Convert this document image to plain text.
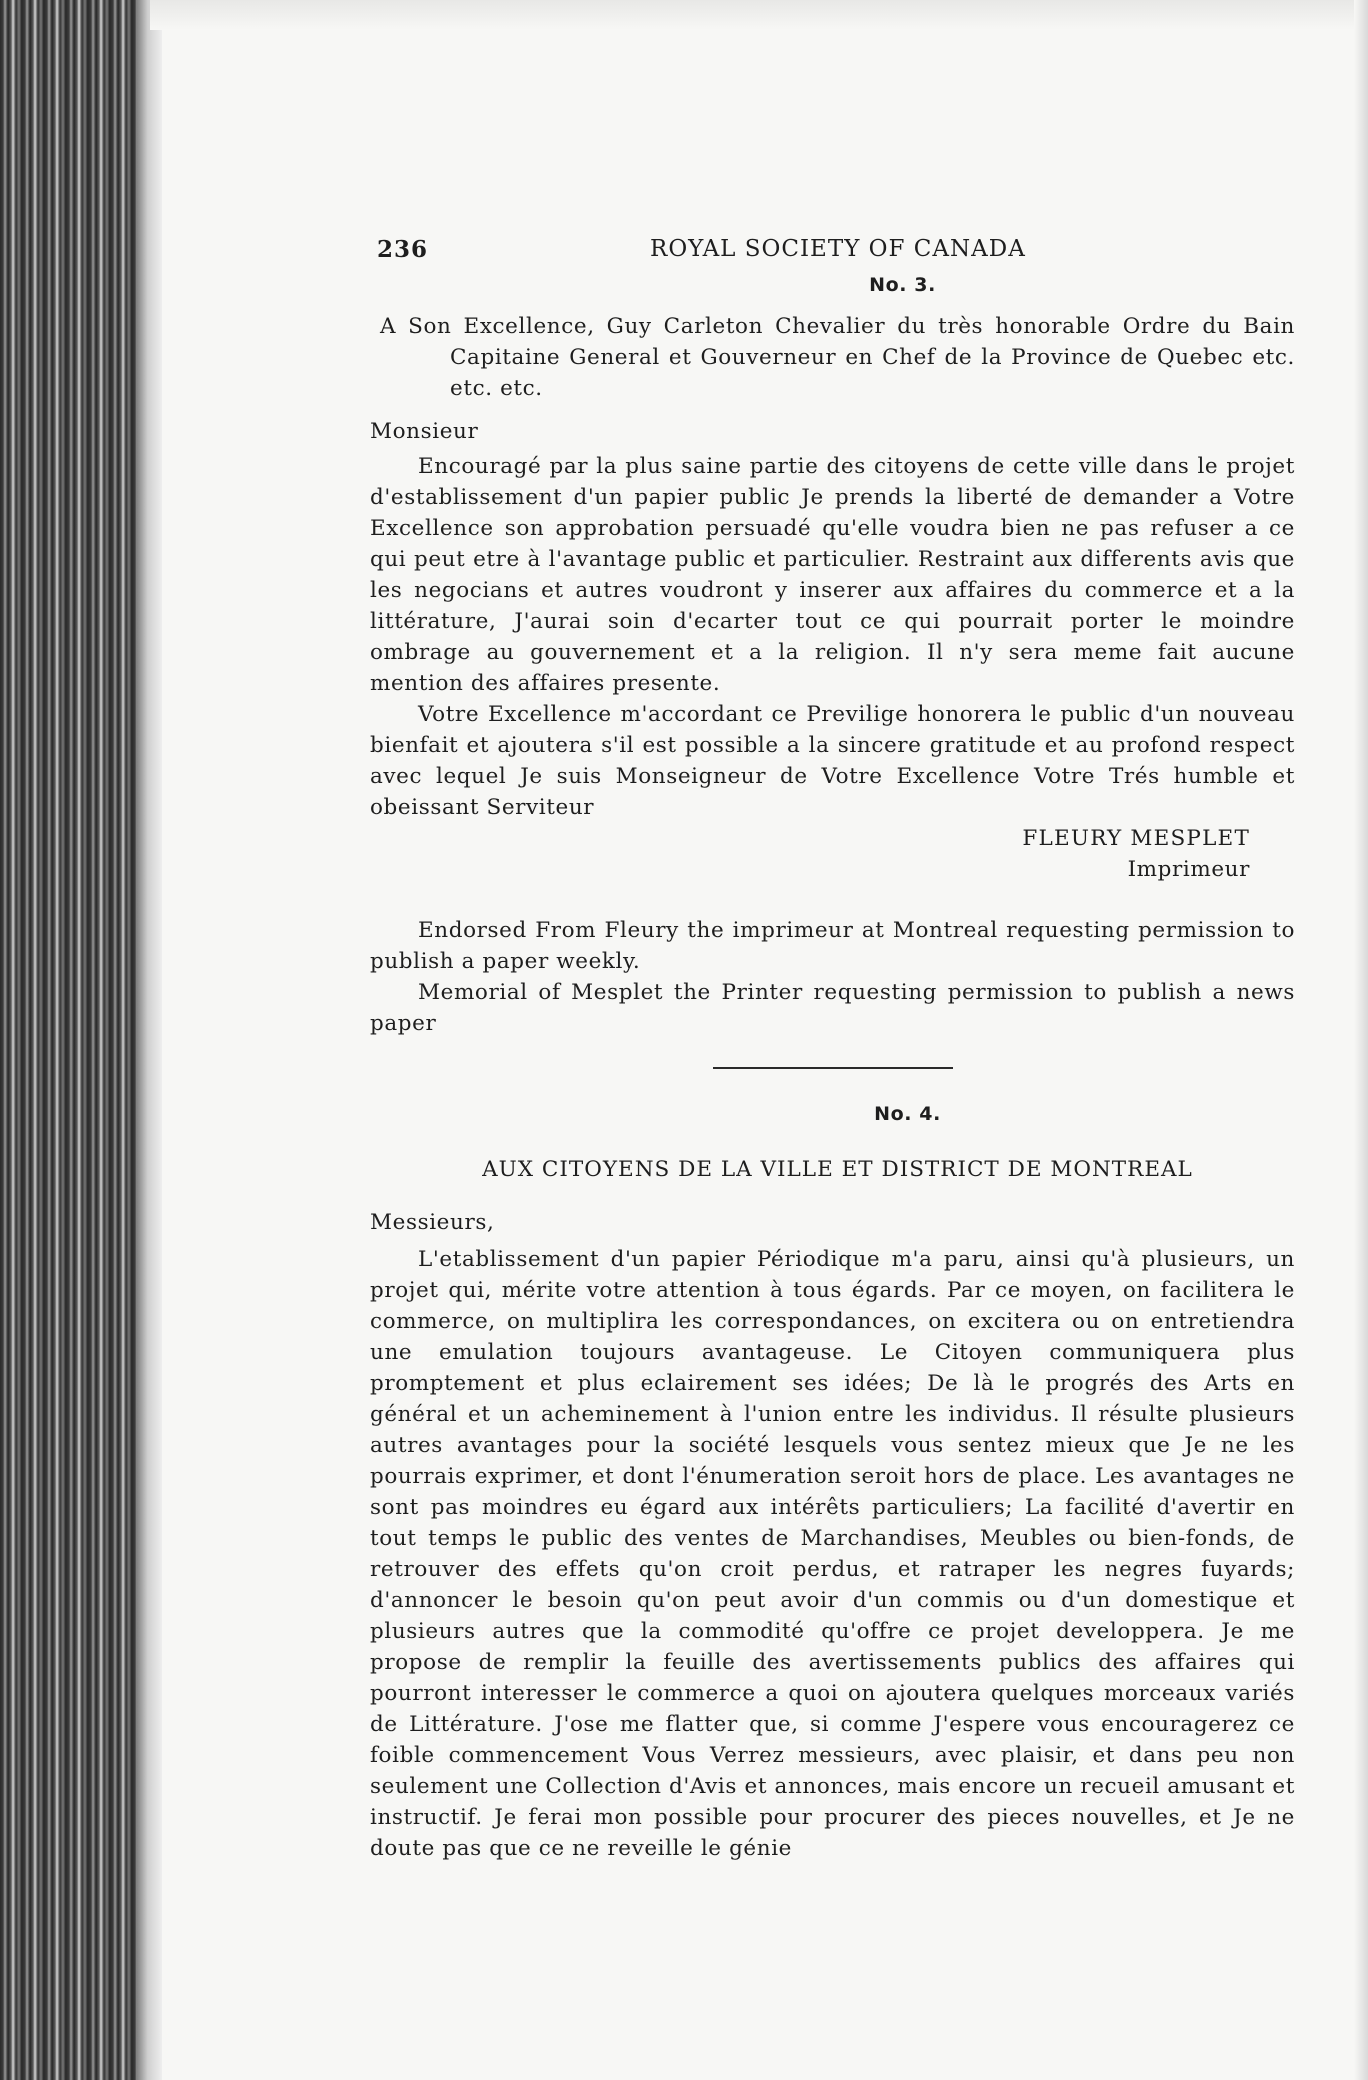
236	ROYAL SOCIETY OF CANADA
No. 3.
A Son Excellence, Guy Carleton Chevalier du très honorable Ordre du Bain Capitaine General et Gouverneur en Chef de la Province de Quebec etc. etc. etc.
Monsieur

Encouragé par la plus saine partie des citoyens de cette ville dans le projet d'establissement d'un papier public Je prends la liberté de demander a Votre Excellence son approbation persuadé qu'elle voudra bien ne pas refuser a ce qui peut etre à l'avantage public et particulier. Restraint aux differents avis que les negocians et autres voudront y inserer aux affaires du commerce et a la littérature, J'aurai soin d'ecarter tout ce qui pourrait porter le moindre ombrage au gouvernement et a la religion. Il n'y sera meme fait aucune mention des affaires presente.

Votre Excellence m'accordant ce Previlige honorera le public d'un nouveau bienfait et ajoutera s'il est possible a la sincere gratitude et au profond respect avec lequel Je suis Monseigneur de Votre Excellence Votre Trés humble et obeissant Serviteur

FLEURY MESPLET
Imprimeur

Endorsed From Fleury the imprimeur at Montreal requesting permission to publish a paper weekly.

Memorial of Mesplet the Printer requesting permission to publish a news paper

No. 4.
AUX CITOYENS DE LA VILLE ET DISTRICT DE MONTREAL
Messieurs,

L'etablissement d'un papier Périodique m'a paru, ainsi qu'à plusieurs, un projet qui, mérite votre attention à tous égards. Par ce moyen, on facilitera le commerce, on multiplira les correspondances, on excitera ou on entretiendra une emulation toujours avantageuse. Le Citoyen communiquera plus promptement et plus eclairement ses idées; De là le progrés des Arts en général et un acheminement à l'union entre les individus. Il résulte plusieurs autres avantages pour la société lesquels vous sentez mieux que Je ne les pourrais exprimer, et dont l'énumeration seroit hors de place. Les avantages ne sont pas moindres eu égard aux intérêts particuliers; La facilité d'avertir en tout temps le public des ventes de Marchandises, Meubles ou bien-fonds, de retrouver des effets qu'on croit perdus, et ratraper les negres fuyards; d'annoncer le besoin qu'on peut avoir d'un commis ou d'un domestique et plusieurs autres que la commodité qu'offre ce projet developpera. Je me propose de remplir la feuille des avertissements publics des affaires qui pourront interesser le commerce a quoi on ajoutera quelques morceaux variés de Littérature. J'ose me flatter que, si comme J'espere vous encouragerez ce foible commencement Vous Verrez messieurs, avec plaisir, et dans peu non seulement une Collection d'Avis et annonces, mais encore un recueil amusant et instructif. Je ferai mon possible pour procurer des pieces nouvelles, et Je ne doute pas que ce ne reveille le génie
